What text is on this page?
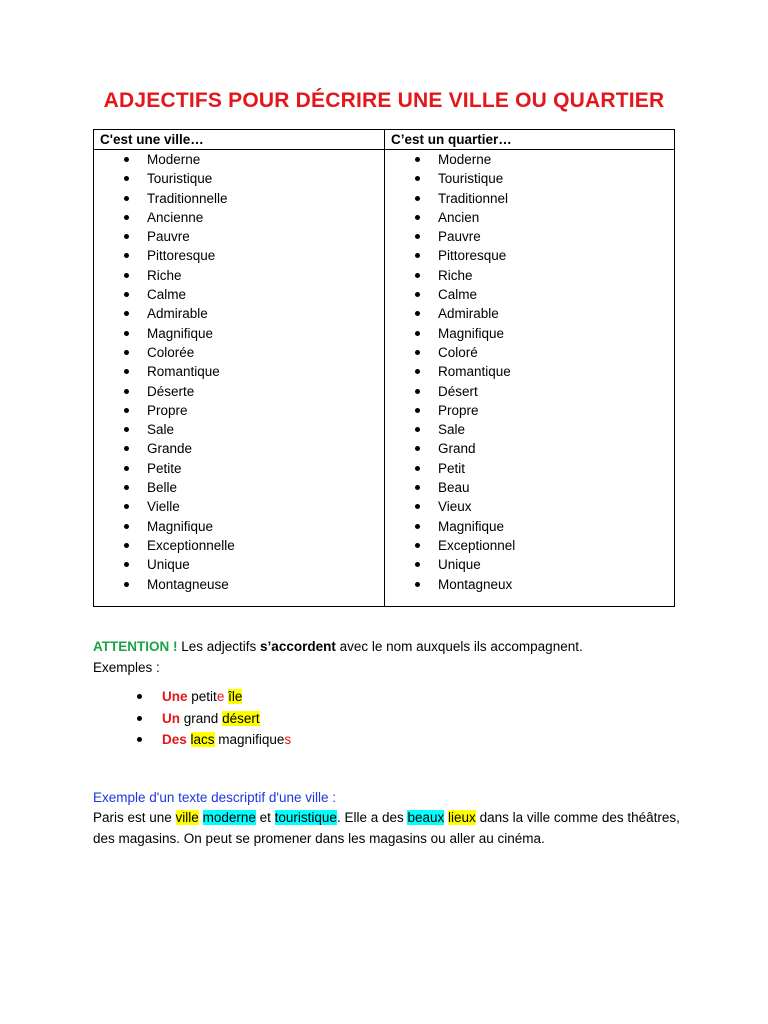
ADJECTIFS POUR DÉCRIRE UNE VILLE OU QUARTIER
C'est une ville…
Moderne
Touristique
Traditionnelle
Ancienne
Pauvre
Pittoresque
Riche
Calme
Admirable
Magnifique
Colorée
Romantique
Déserte
Propre
Sale
Grande
Petite
Belle
Vielle
Magnifique
Exceptionnelle
Unique
Montagneuse
C’est un quartier…
Moderne
Touristique
Traditionnel
Ancien
Pauvre
Pittoresque
Riche
Calme
Admirable
Magnifique
Coloré
Romantique
Désert
Propre
Sale
Grand
Petit
Beau
Vieux
Magnifique
Exceptionnel
Unique
Montagneux
ATTENTION ! Les adjectifs s’accordent avec le nom auxquels ils accompagnent.
Exemples :
Une petite île
Un grand désert
Des lacs magnifiques
Exemple d'un texte descriptif d'une ville :
Paris est une ville moderne et touristique. Elle a des beaux lieux dans la ville comme des théâtres, des magasins. On peut se promener dans les magasins ou aller au cinéma.
